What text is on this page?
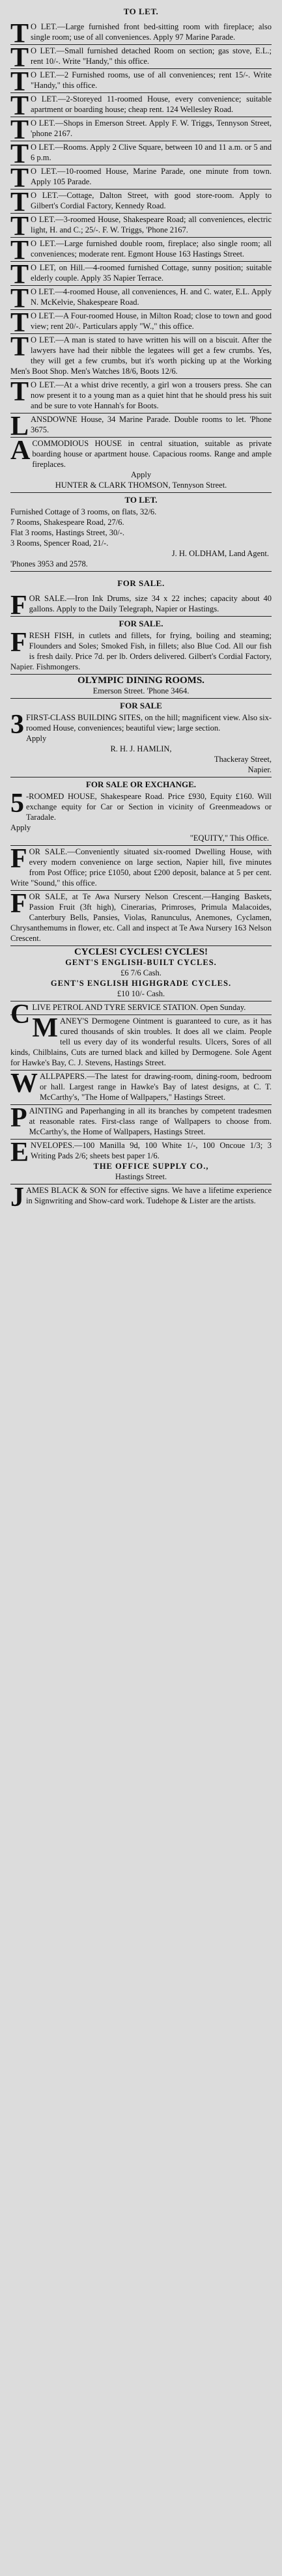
TO LET.
T O LET.—Large furnished front bed-sitting room with fireplace; also single room; use of all conveniences. Apply 97 Marine Parade.

T O LET.—Small furnished detached Room on section; gas stove, E.L.; rent 10/-. Write "Handy," this office.

T O LET.—2 Furnished rooms, use of all conveniences; rent 15/-. Write "Handy," this office.

T O LET.—2-Storeyed 11-roomed House, every convenience; suitable apartment or boarding house; cheap rent. 124 Wellesley Road.

T O LET.—Shops in Emerson Street. Apply F. W. Triggs, Tennyson Street, 'phone 2167.

T O LET.—Rooms. Apply 2 Clive Square, between 10 and 11 a.m. or 5 and 6 p.m.

T O LET.—10-roomed House, Marine Parade, one minute from town. Apply 105 Parade.

T O LET.—Cottage, Dalton Street, with good store-room. Apply to Gilbert's Cordial Factory, Kennedy Road.

T O LET.—3-roomed House, Shakespeare Road; all conveniences, electric light, H. and C.; 25/-. F. W. Triggs, 'Phone 2167.

T O LET.—Large furnished double room, fireplace; also single room; all conveniences; moderate rent. Egmont House 163 Hastings Street.

T O LET, on Hill.—4-roomed furnished Cottage, sunny position; suitable elderly couple. Apply 35 Napier Terrace.

T O LET.—4-roomed House, all conveniences, H. and C. water, E.L. Apply N. McKelvie, Shakespeare Road.

T O LET.—A Four-roomed House, in Milton Road; close to town and good view; rent 20/-. Particulars apply "W.," this office.

T O LET.—A man is stated to have written his will on a biscuit. After the lawyers have had their nibble the legatees will get a few crumbs. Yes, they will get a few crumbs, but it's worth picking up at the Working Men's Boot Shop. Men's Watches 18/6, Boots 12/6.

T O LET.—At a whist drive recently, a girl won a trousers press. She can now present it to a young man as a quiet hint that he should press his suit and be sure to vote Hannah's for Boots.

L ANSDOWNE House, 34 Marine Parade. Double rooms to let. 'Phone 3675.

A COMMODIOUS HOUSE in central situation, suitable as private boarding house or apartment house. Capacious rooms. Range and ample fireplaces.

Apply

HUNTER & CLARK THOMSON, Tennyson Street.

TO LET.

Furnished Cottage of 3 rooms, on flats, 32/6.

7 Rooms, Shakespeare Road, 27/6.

Flat 3 rooms, Hastings Street, 30/-.

3 Rooms, Spencer Road, 21/-.

J. H. OLDHAM, Land Agent.

'Phones 3953 and 2578.

FOR SALE.
F OR SALE.—Iron Ink Drums, size 34 x 22 inches; capacity about 40 gallons. Apply to the Daily Telegraph, Napier or Hastings.

FOR SALE.
F RESH FISH, in cutlets and fillets, for frying, boiling and steaming; Flounders and Soles; Smoked Fish, in fillets; also Blue Cod. All our fish is fresh daily. Price 7d. per lb. Orders delivered. Gilbert's Cordial Factory, Napier. Fishmongers.

OLYMPIC DINING ROOMS.

Emerson Street. 'Phone 3464.

FOR SALE
3 FIRST-CLASS BUILDING SITES, on the hill; magnificent view. Also six-roomed House, conveniences; beautiful view; large section.

Apply

R. H. J. HAMLIN,

Thackeray Street,

Napier.

FOR SALE OR EXCHANGE.
5 -ROOMED HOUSE, Shakespeare Road. Price £930, Equity £160. Will exchange equity for Car or Section in vicinity of Greenmeadows or Taradale.

Apply

"EQUITY," This Office.

F OR SALE.—Conveniently situated six-roomed Dwelling House, with every modern convenience on large section, Napier hill, five minutes from Post Office; price £1050, about £200 deposit, balance at 5 per cent. Write "Sound," this office.

F OR SALE, at Te Awa Nursery Nelson Crescent.—Hanging Baskets, Passion Fruit (3ft high), Cinerarias, Primroses, Primula Malacoides, Canterbury Bells, Pansies, Violas, Ranunculus, Anemones, Cyclamen, Chrysanthemums in flower, etc. Call and inspect at Te Awa Nursery 163 Nelson Crescent.

CYCLES! CYCLES! CYCLES!

GENT'S ENGLISH-BUILT CYCLES.

£6 7/6 Cash.

GENT'S ENGLISH HIGHGRADE CYCLES.

£10 10/- Cash.

C LIVE PETROL AND TYRE SERVICE STATION. Open Sunday.

M ANEY'S Dermogene Ointment is guaranteed to cure, as it has cured thousands of skin troubles. It does all we claim. People tell us every day of its wonderful results. Ulcers, Sores of all kinds, Chilblains, Cuts are turned black and killed by Dermogene. Sole Agent for Hawke's Bay, C. J. Stevens, Hastings Street.

W ALLPAPERS.—The latest for drawing-room, dining-room, bedroom or hall. Largest range in Hawke's Bay of latest designs, at C. T. McCarthy's, "The Home of Wallpapers," Hastings Street.

P AINTING and Paperhanging in all its branches by competent tradesmen at reasonable rates. First-class range of Wallpapers to choose from. McCarthy's, the Home of Wallpapers, Hastings Street.

E NVELOPES.—100 Manilla 9d, 100 White 1/-, 100 Oncoue 1/3; 3 Writing Pads 2/6; sheets best paper 1/6.

THE OFFICE SUPPLY CO.,

Hastings Street.

J AMES BLACK & SON for effective signs. We have a lifetime experience in Signwriting and Show-card work. Tudehope & Lister are the artists.
